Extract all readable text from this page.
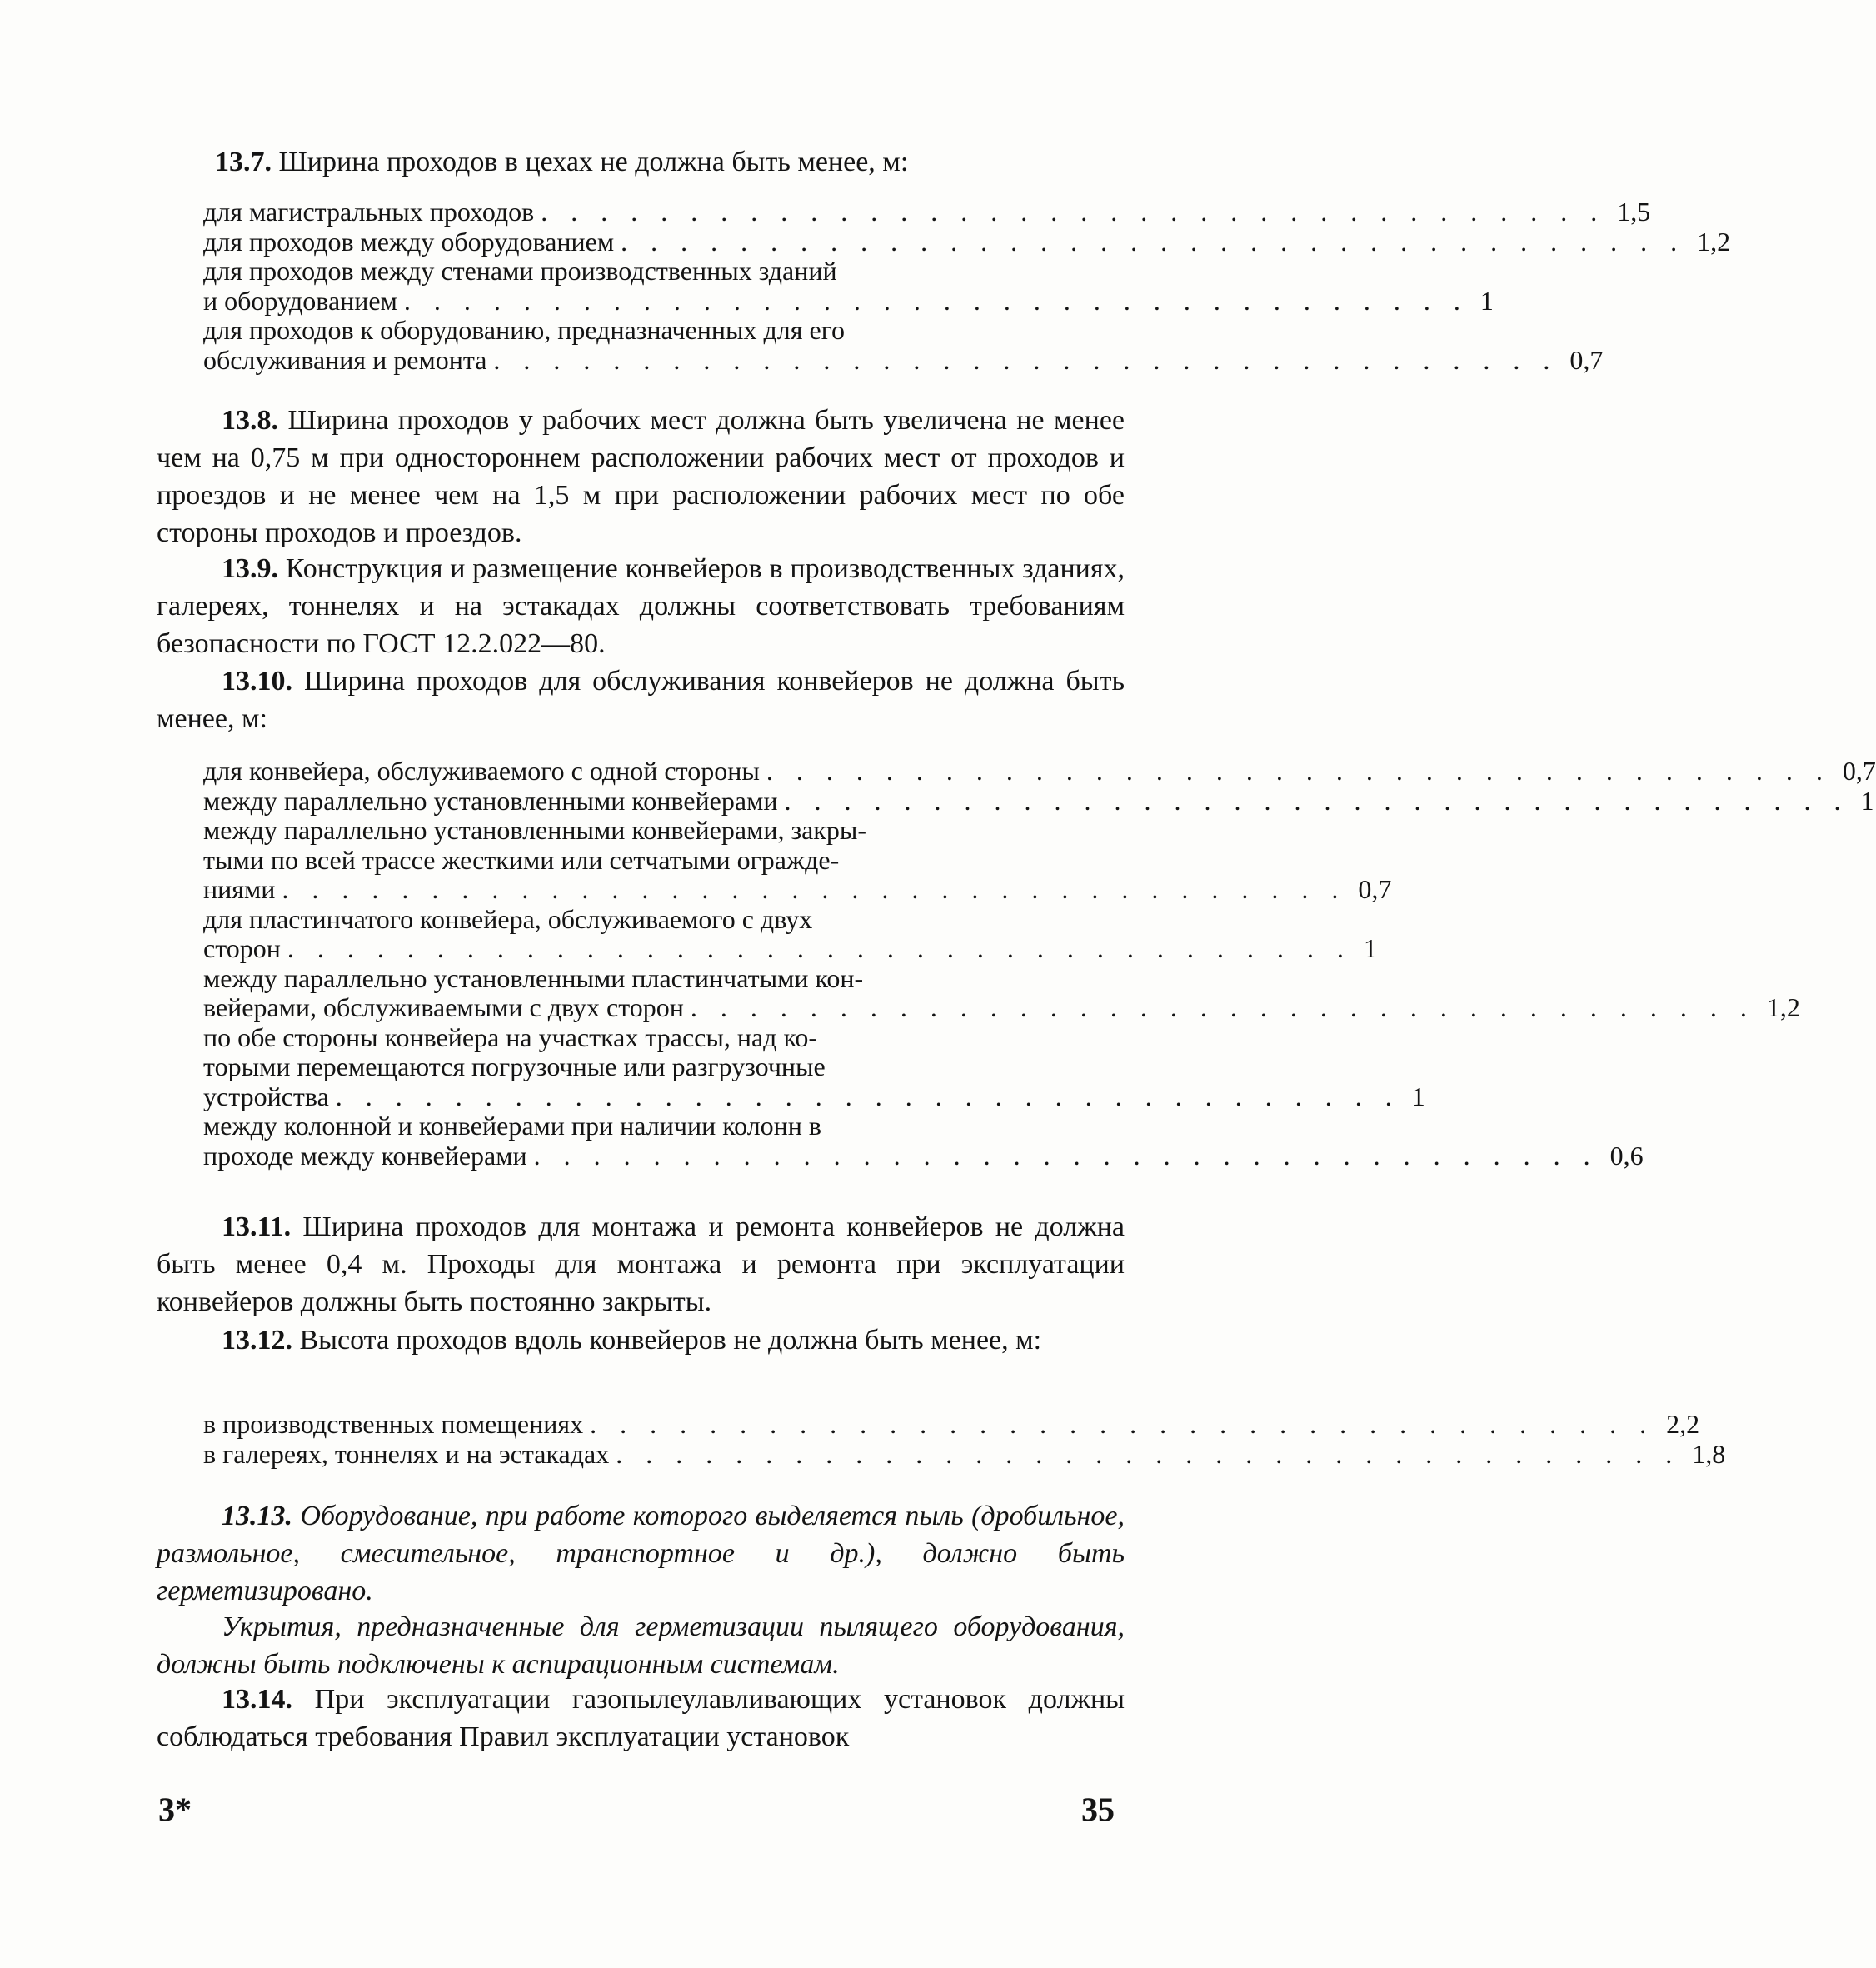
13.7. Ширина проходов в цехах не должна быть менее, м:

для магистральных проходов . . . . . . . . . . . . . . . . . . . . . . . . . . . . . . . . . . . . 1,5
для проходов между оборудованием . . . . . . . . . . . . . . . . . . . . . . . . . . . . . . . . . . . . 1,2
для проходов между стенами производственных зданий
и оборудованием . . . . . . . . . . . . . . . . . . . . . . . . . . . . . . . . . . . . 1
для проходов к оборудованию, предназначенных для его
обслуживания и ремонта . . . . . . . . . . . . . . . . . . . . . . . . . . . . . . . . . . . . 0,7

13.8. Ширина проходов у рабочих мест должна быть увеличена не менее чем на 0,75 м при одностороннем расположении рабочих мест от проходов и проездов и не менее чем на 1,5 м при расположении рабочих мест по обе стороны проходов и проездов.

13.9. Конструкция и размещение конвейеров в производственных зданиях, галереях, тоннелях и на эстакадах должны соответствовать требованиям безопасности по ГОСТ 12.2.022—80.

13.10. Ширина проходов для обслуживания конвейеров не должна быть менее, м:

для конвейера, обслуживаемого с одной стороны . . . . . . . . . . . . . . . . . . . . . . . . . . . . . . . . . . . . 0,7
между параллельно установленными конвейерами . . . . . . . . . . . . . . . . . . . . . . . . . . . . . . . . . . . . 1
между параллельно установленными конвейерами, закры-
тыми по всей трассе жесткими или сетчатыми огражде-
ниями . . . . . . . . . . . . . . . . . . . . . . . . . . . . . . . . . . . . 0,7
для пластинчатого конвейера, обслуживаемого с двух
сторон . . . . . . . . . . . . . . . . . . . . . . . . . . . . . . . . . . . . 1
между параллельно установленными пластинчатыми кон-
вейерами, обслуживаемыми с двух сторон . . . . . . . . . . . . . . . . . . . . . . . . . . . . . . . . . . . . 1,2
по обе стороны конвейера на участках трассы, над ко-
торыми перемещаются погрузочные или разгрузочные
устройства . . . . . . . . . . . . . . . . . . . . . . . . . . . . . . . . . . . . 1
между колонной и конвейерами при наличии колонн в
проходе между конвейерами . . . . . . . . . . . . . . . . . . . . . . . . . . . . . . . . . . . . 0,6

13.11. Ширина проходов для монтажа и ремонта конвейеров не должна быть менее 0,4 м. Проходы для монтажа и ремонта при эксплуатации конвейеров должны быть постоянно закрыты.

13.12. Высота проходов вдоль конвейеров не должна быть менее, м:

в производственных помещениях . . . . . . . . . . . . . . . . . . . . . . . . . . . . . . . . . . . . 2,2
в галереях, тоннелях и на эстакадах . . . . . . . . . . . . . . . . . . . . . . . . . . . . . . . . . . . . 1,8

13.13. Оборудование, при работе которого выделяется пыль (дробильное, размольное, смесительное, транспортное и др.), должно быть герметизировано.

Укрытия, предназначенные для герметизации пылящего оборудования, должны быть подключены к аспирационным системам.

13.14. При эксплуатации газопылеулавливающих установок должны соблюдаться требования Правил эксплуатации установок

3*	35
